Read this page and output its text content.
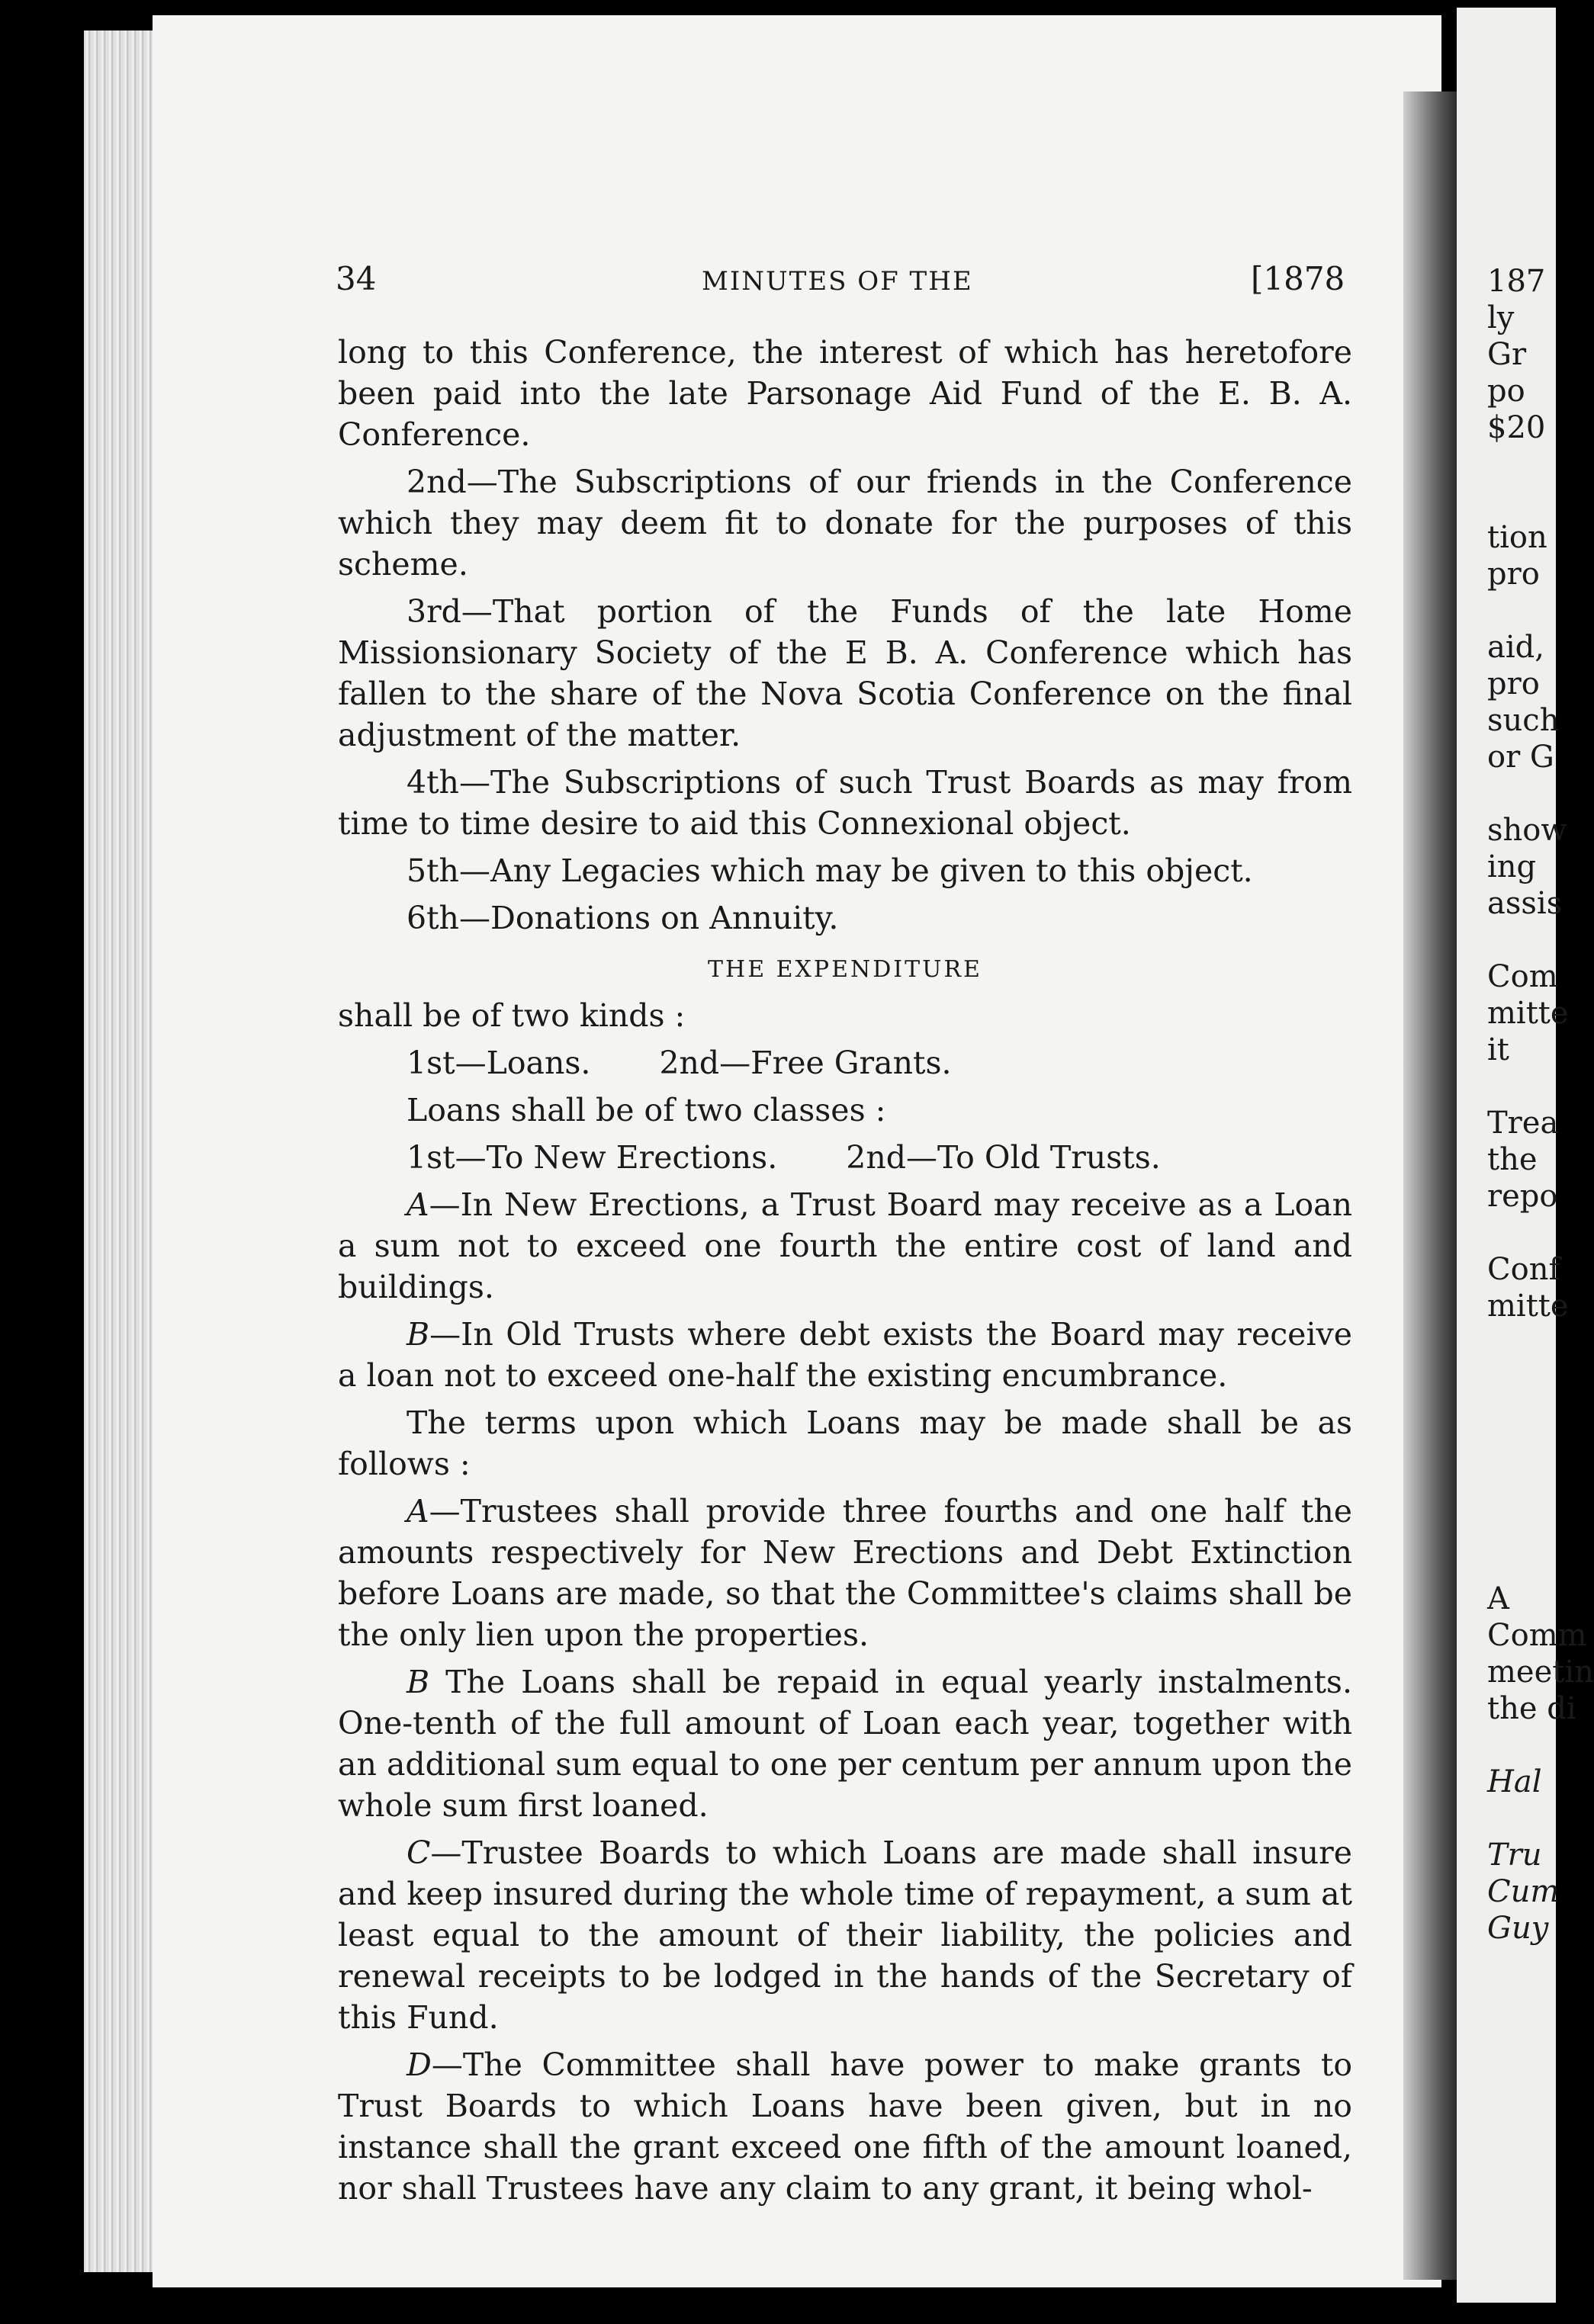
34	MINUTES OF THE	[1878

long to this Conference, the interest of which has heretofore been paid into the late Parsonage Aid Fund of the E. B. A. Conference.

2nd—The Subscriptions of our friends in the Conference which they may deem fit to donate for the purposes of this scheme.

3rd—That portion of the Funds of the late Home Missionsionary Society of the E B. A. Conference which has fallen to the share of the Nova Scotia Conference on the final adjustment of the matter.

4th—The Subscriptions of such Trust Boards as may from time to time desire to aid this Connexional object.

5th—Any Legacies which may be given to this object.

6th—Donations on Annuity.

THE EXPENDITURE

shall be of two kinds :

1st—Loans. 2nd—Free Grants.

Loans shall be of two classes :

1st—To New Erections. 2nd—To Old Trusts.

A—In New Erections, a Trust Board may receive as a Loan a sum not to exceed one fourth the entire cost of land and buildings.

B—In Old Trusts where debt exists the Board may receive a loan not to exceed one-half the existing encumbrance.

The terms upon which Loans may be made shall be as follows :

A—Trustees shall provide three fourths and one half the amounts respectively for New Erections and Debt Extinction before Loans are made, so that the Committee's claims shall be the only lien upon the properties.

B The Loans shall be repaid in equal yearly instalments. One-tenth of the full amount of Loan each year, together with an additional sum equal to one per centum per annum upon the whole sum first loaned.

C—Trustee Boards to which Loans are made shall insure and keep insured during the whole time of repayment, a sum at least equal to the amount of their liability, the policies and renewal receipts to be lodged in the hands of the Secretary of this Fund.

D—The Committee shall have power to make grants to Trust Boards to which Loans have been given, but in no instance shall the grant exceed one fifth of the amount loaned, nor shall Trustees have any claim to any grant, it being whol-

187
ly
Gr
po
$20
tion
pro
aid,
pro
such
or G
show
ing
assis
Com
mitte
it
Trea
the
repo
Conf
mitte
A
Comm
meetin
the di
Hal
Tru
Cum
Guy
